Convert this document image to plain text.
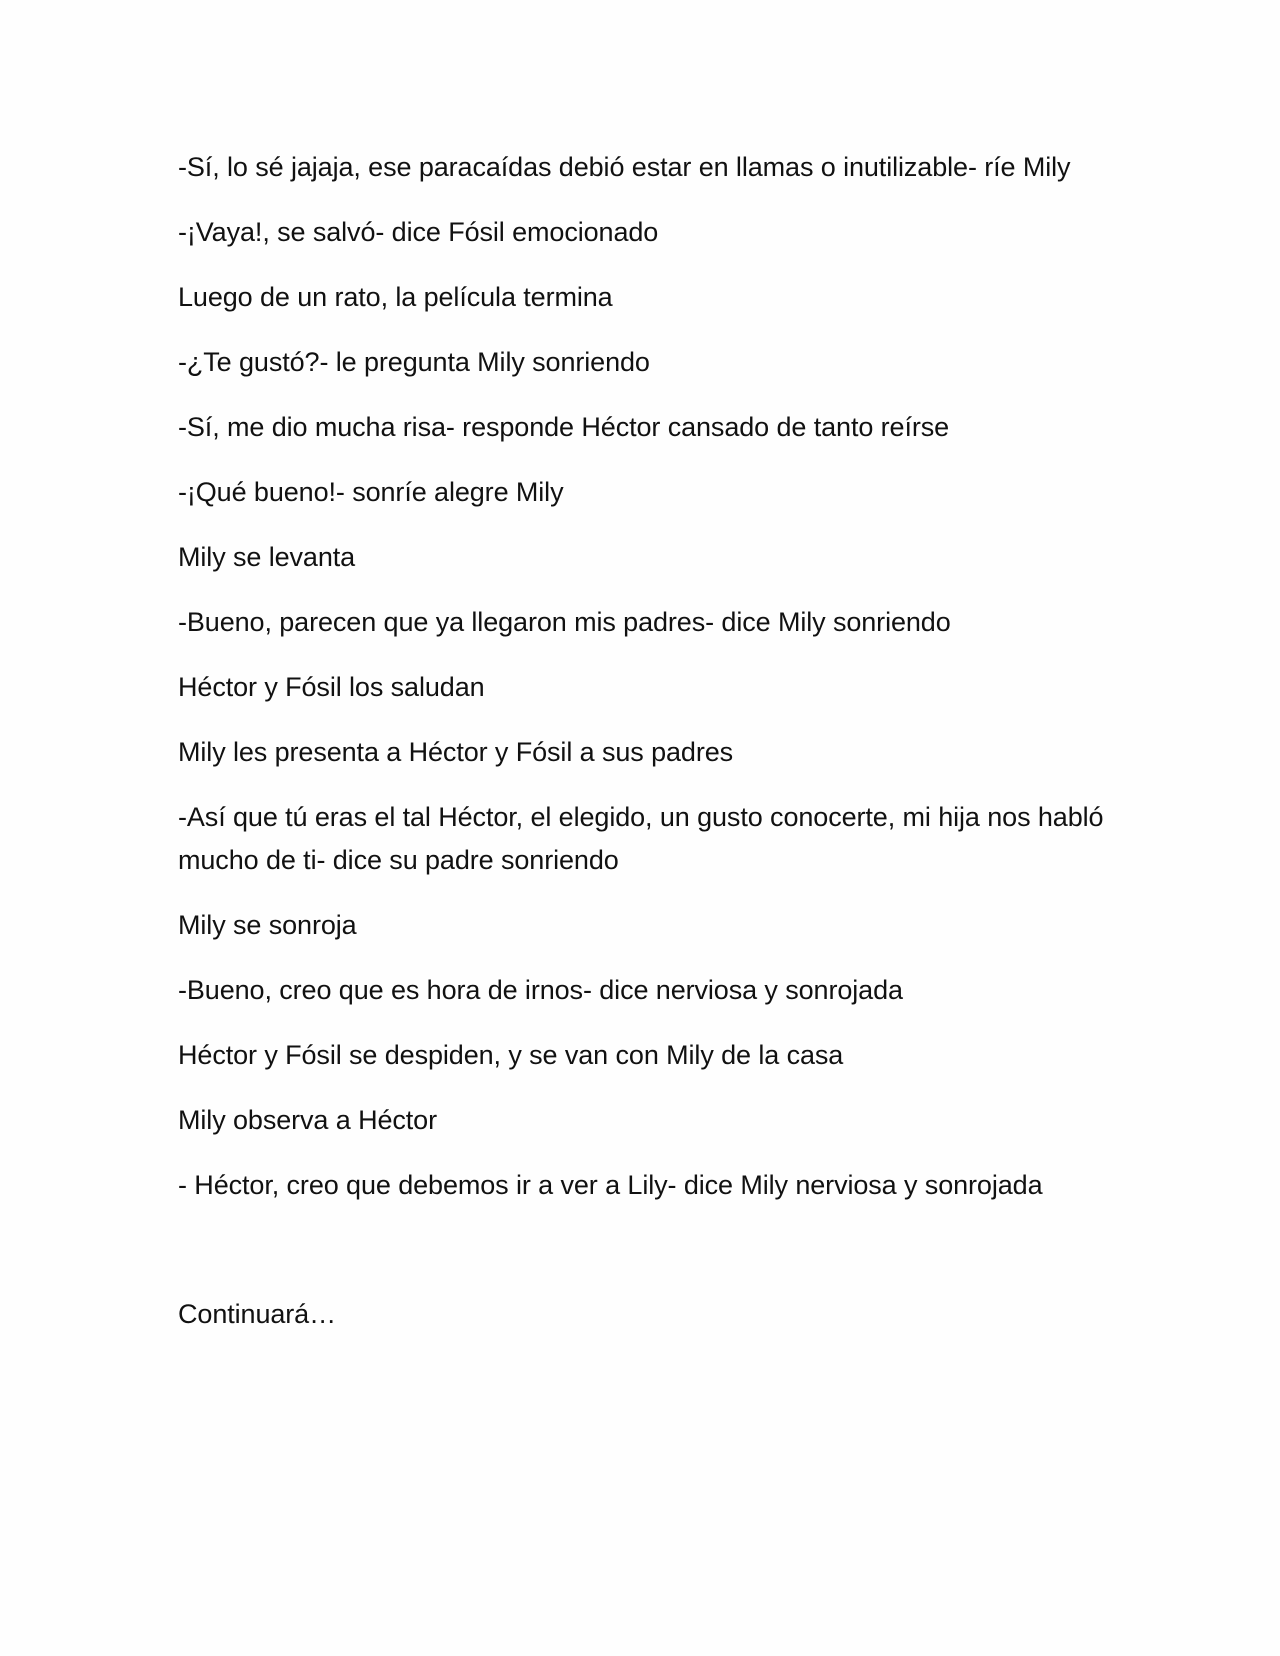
-Sí, lo sé jajaja, ese paracaídas debió estar en llamas o inutilizable- ríe Mily

-¡Vaya!, se salvó- dice Fósil emocionado

Luego de un rato, la película termina

-¿Te gustó?- le pregunta Mily sonriendo

-Sí, me dio mucha risa- responde Héctor cansado de tanto reírse

-¡Qué bueno!- sonríe alegre Mily

Mily se levanta

-Bueno, parecen que ya llegaron mis padres- dice Mily sonriendo

Héctor y Fósil los saludan

Mily les presenta a Héctor y Fósil a sus padres

-Así que tú eras el tal Héctor, el elegido, un gusto conocerte, mi hija nos habló mucho de ti- dice su padre sonriendo

Mily se sonroja

-Bueno, creo que es hora de irnos- dice nerviosa y sonrojada

Héctor y Fósil se despiden, y se van con Mily de la casa

Mily observa a Héctor

- Héctor, creo que debemos ir a ver a Lily- dice Mily nerviosa y sonrojada

Continuará…
